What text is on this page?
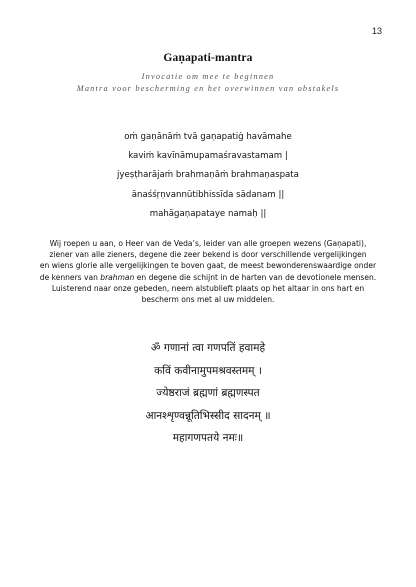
13
Gaṇapati-mantra
Invocatie om mee te beginnen
Mantra voor bescherming en het overwinnen van obstakels
oṁ gaṇānāṁ tvā gaṇapatiġ havāmahe
kaviṁ kavīnāmupamaśravastamam |
jyeṣṭharājaṁ brahmaṇāṁ brahmaṇaspata
ānaśśṛṇvannūtibhissīda sādanam ||
mahāgaṇapataye namaḥ ||
Wij roepen u aan, o Heer van de Veda’s, leider van alle groepen wezens (Gaṇapati),
ziener van alle zieners, degene die zeer bekend is door verschillende vergelijkingen
en wiens glorie alle vergelijkingen te boven gaat, de meest bewonderenswaardige onder
de kenners van brahman en degene die schijnt in de harten van de devotionele mensen.
Luisterend naar onze gebeden, neem alstublieft plaats op het altaar in ons hart en
bescherm ons met al uw middelen.
ॐ गणानां त्वा गणपतिं हवामहे
कविं कवीनामुपमश्रवस्तमम् ।
ज्येष्ठराजं ब्रह्मणां ब्रह्मणस्पत
आनश्शृण्वन्नूतिभिस्सीद सादनम् ॥
महागणपतये नमः॥
